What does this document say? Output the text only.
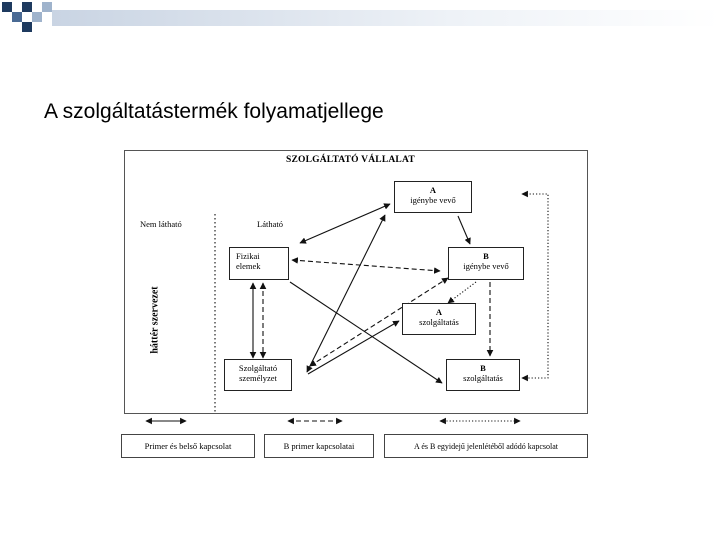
A szolgáltatástermék folyamatjellege
SZOLGÁLTATÓ VÁLLALAT
Nem látható	Látható
háttér szervezet
A
igénybe vevő
B
igénybe vevő
Fizikai
elemek
A
szolgáltatás
Szolgáltató
személyzet
B
szolgáltatás
Primer és belső kapcsolat	B primer kapcsolatai	A és B egyidejű jelenlétéből adódó kapcsolat
